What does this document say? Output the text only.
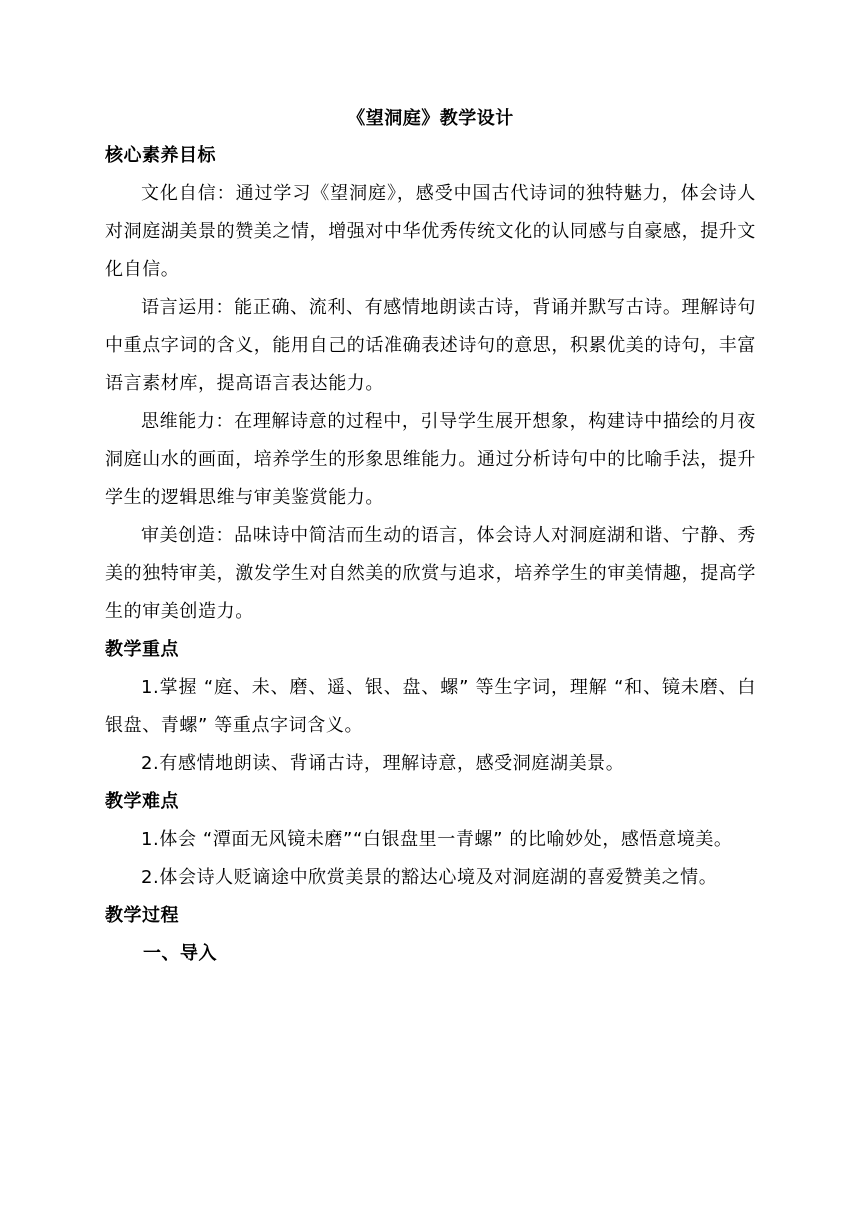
《望洞庭》教学设计

核心素养目标

文化自信：通过学习《望洞庭》，感受中国古代诗词的独特魅力，体会诗人对洞庭湖美景的赞美之情，增强对中华优秀传统文化的认同感与自豪感，提升文化自信。

语言运用：能正确、流利、有感情地朗读古诗，背诵并默写古诗。理解诗句中重点字词的含义，能用自己的话准确表述诗句的意思，积累优美的诗句，丰富语言素材库，提高语言表达能力。

思维能力：在理解诗意的过程中，引导学生展开想象，构建诗中描绘的月夜洞庭山水的画面，培养学生的形象思维能力。通过分析诗句中的比喻手法，提升学生的逻辑思维与审美鉴赏能力。

审美创造：品味诗中简洁而生动的语言，体会诗人对洞庭湖和谐、宁静、秀美的独特审美，激发学生对自然美的欣赏与追求，培养学生的审美情趣，提高学生的审美创造力。

教学重点

1.掌握 “庭、未、磨、遥、银、盘、螺” 等生字词，理解 “和、镜未磨、白银盘、青螺” 等重点字词含义。

2.有感情地朗读、背诵古诗，理解诗意，感受洞庭湖美景。

教学难点

1.体会 “潭面无风镜未磨”“白银盘里一青螺” 的比喻妙处，感悟意境美。

2.体会诗人贬谪途中欣赏美景的豁达心境及对洞庭湖的喜爱赞美之情。

教学过程

一、导入
